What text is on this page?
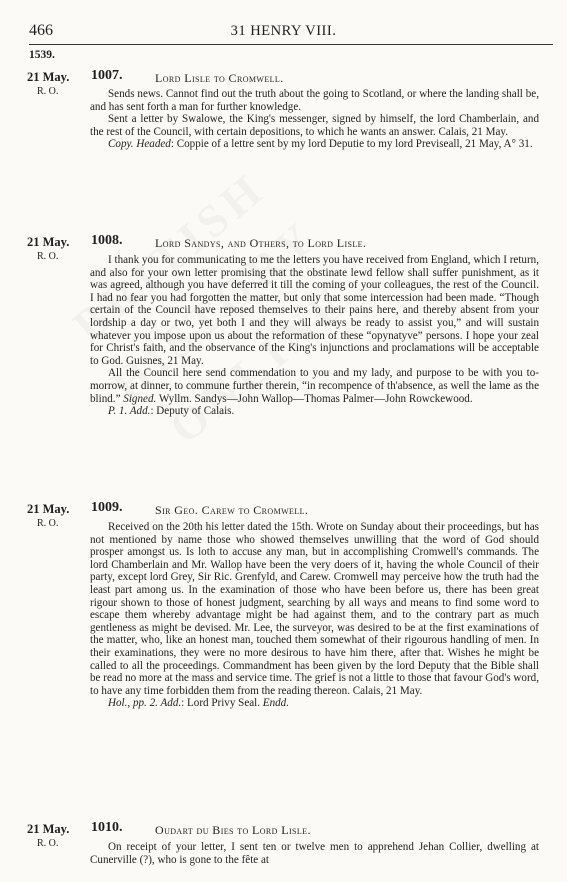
466	31 HENRY VIII.
1539.
21 May.
R. O.
1007.	Lord Lisle to Cromwell.

Sends news. Cannot find out the truth about the going to Scotland, or where the landing shall be, and has sent forth a man for further knowledge.

Sent a letter by Swalowe, the King's messenger, signed by himself, the lord Chamberlain, and the rest of the Council, with certain depositions, to which he wants an answer. Calais, 21 May.

Copy. Headed: Coppie of a lettre sent by my lord Deputie to my lord Previseall, 21 May, A° 31.

21 May.
R. O.
1008.	Lord Sandys, and Others, to Lord Lisle.

I thank you for communicating to me the letters you have received from England, which I return, and also for your own letter promising that the obstinate lewd fellow shall suffer punishment, as it was agreed, although you have deferred it till the coming of your colleagues, the rest of the Council. I had no fear you had forgotten the matter, but only that some intercession had been made. “Though certain of the Council have reposed themselves to their pains here, and thereby absent from your lordship a day or two, yet both I and they will always be ready to assist you,” and will sustain whatever you impose upon us about the reformation of these “opynatyve” persons. I hope your zeal for Christ's faith, and the observance of the King's injunctions and proclamations will be acceptable to God. Guisnes, 21 May.

All the Council here send commendation to you and my lady, and purpose to be with you to-morrow, at dinner, to commune further therein, “in recompence of th'absence, as well the lame as the blind.” Signed. Wyllm. Sandys—John Wallop—Thomas Palmer—John Rowckewood.

P. 1. Add.: Deputy of Calais.

21 May.
R. O.
1009.	Sir Geo. Carew to Cromwell.

Received on the 20th his letter dated the 15th. Wrote on Sunday about their proceedings, but has not mentioned by name those who showed themselves unwilling that the word of God should prosper amongst us. Is loth to accuse any man, but in accomplishing Cromwell's commands. The lord Chamberlain and Mr. Wallop have been the very doers of it, having the whole Council of their party, except lord Grey, Sir Ric. Grenfyld, and Carew. Cromwell may perceive how the truth had the least part among us. In the examination of those who have been before us, there has been great rigour shown to those of honest judgment, searching by all ways and means to find some word to escape them whereby advantage might be had against them, and to the contrary part as much gentleness as might be devised. Mr. Lee, the surveyor, was desired to be at the first examinations of the matter, who, like an honest man, touched them somewhat of their rigourous handling of men. In their examinations, they were no more desirous to have him there, after that. Wishes he might be called to all the proceedings. Commandment has been given by the lord Deputy that the Bible shall be read no more at the mass and service time. The grief is not a little to those that favour God's word, to have any time forbidden them from the reading thereon. Calais, 21 May.

Hol., pp. 2. Add.: Lord Privy Seal. Endd.

21 May.
R. O.
1010.	Oudart du Bies to Lord Lisle.

On receipt of your letter, I sent ten or twelve men to apprehend Jehan Collier, dwelling at Cunerville (?), who is gone to the fête at
